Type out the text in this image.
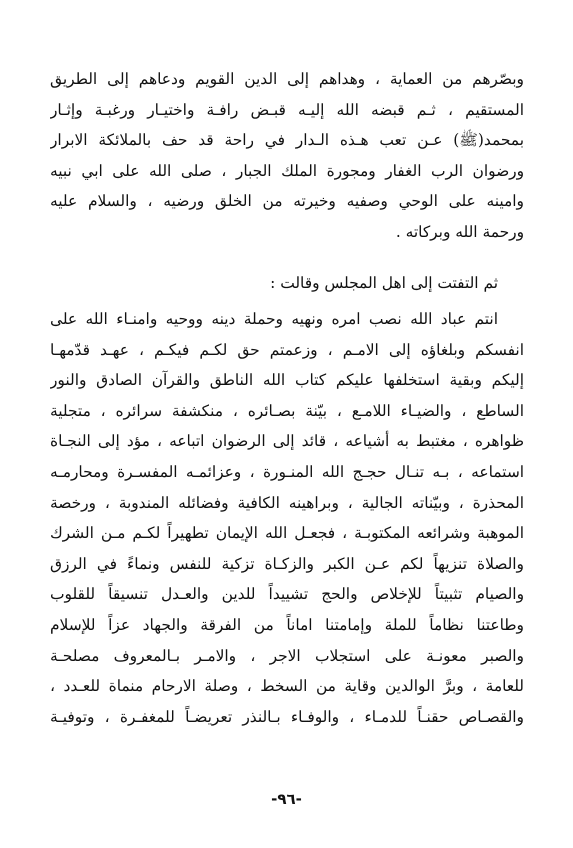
وبصّرهم من العماية ، وهداهم إلى الدين القويم ودعاهم إلى الطريق
المستقيم ، ثـم قبضه الله إليـه قبـض رافـة واختيـار ورغبـة وإثـار
بمحمد(ﷺ) عـن تعب هـذه الـدار في راحة قد حف بالملائكة الابرار
ورضوان الرب الغفار ومجورة الملك الجبار ، صلى الله على ابي نبيه
وامينه على الوحي وصفيه وخيرته من الخلق ورضيه ، والسلام عليه
ورحمة الله وبركاته .
ثم التفتت إلى اهل المجلس وقالت :
انتم عباد الله نصب امره ونهيه وحملة دينه ووحيه وامنـاء الله على
انفسكم وبلغاؤه إلى الامـم ، وزعمتم حق لكـم فيكـم ، عهـد قدّمهـا
إليكم وبقية استخلفها عليكم كتاب الله الناطق والقرآن الصادق والنور
الساطع ، والضيـاء اللامـع ، بيّنة بصـائره ، منكشفة سرائره ، متجلية
ظواهره ، مغتبط به أشياعه ، قائد إلى الرضوان اتباعه ، مؤد إلى النجـاة
استماعه ، بـه تنـال حجـج الله المنـورة ، وعزائمـه المفسـرة ومحارمـه
المحذرة ، وبيّناته الجالية ، وبراهينه الكافية وفضائله المندوبة ، ورخصة
الموهبة وشرائعه المكتوبـة ، فجعـل الله الإيمان تطهيراً لكـم مـن الشرك
والصلاة تنزيهاً لكم عـن الكبر والزكـاة تزكية للنفس ونماءً في الرزق
والصيام تثبيتاً للإخلاص والحج تشييداً للدين والعـدل تنسيقاً للقلوب
وطاعتنا نظاماً للملة وإمامتنا اماناً من الفرقة والجهاد عزاً للإسلام
والصبر معونـة على استجلاب الاجر ، والامـر بـالمعروف مصلحـة
للعامة ، وبرَّ الوالدين وقاية من السخط ، وصلة الارحام منماة للعـدد ،
والقصـاص حقنـاً للدمـاء ، والوفـاء بـالنذر تعريضـاً للمغفـرة ، وتوفيـة
-٩٦-
